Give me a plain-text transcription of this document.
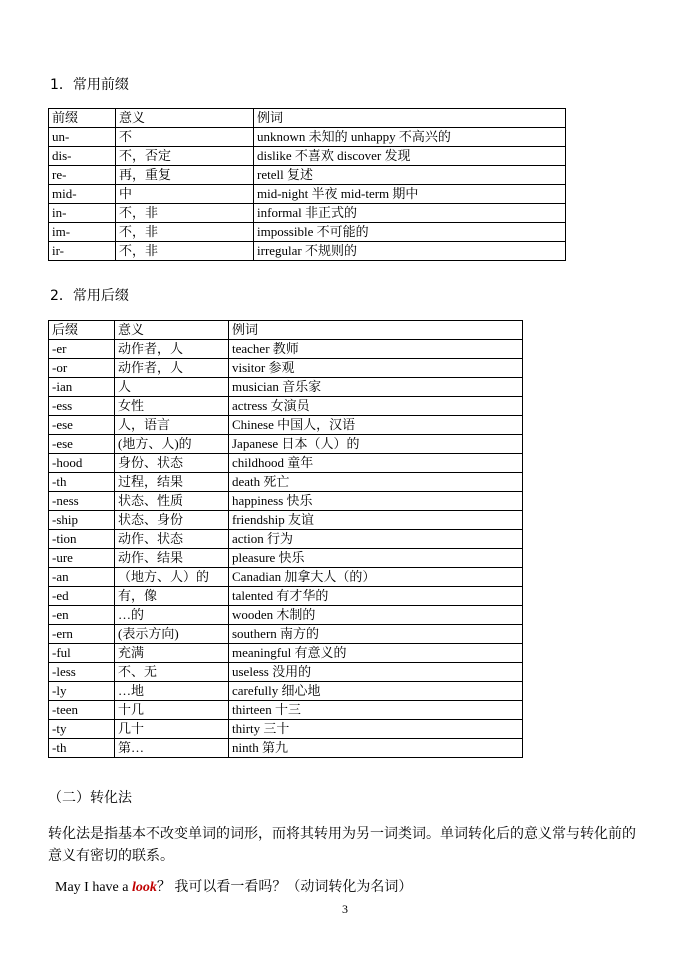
1．常用前缀
前缀	意义	例词
un-	不	unknown 未知的 unhappy 不高兴的
dis-	不，否定	dislike 不喜欢 discover 发现
re-	再，重复	retell 复述
mid-	中	mid-night 半夜 mid-term 期中
in-	不，非	informal 非正式的
im-	不，非	impossible 不可能的
ir-	不，非	irregular 不规则的
2．常用后缀
后缀	意义	例词
-er	动作者，人	teacher 教师
-or	动作者，人	visitor 参观
-ian	人	musician 音乐家
-ess	女性	actress 女演员
-ese	人，语言	Chinese 中国人，汉语
-ese	(地方、人)的	Japanese 日本（人）的
-hood	身份、状态	childhood 童年
-th	过程，结果	death 死亡
-ness	状态、性质	happiness 快乐
-ship	状态、身份	friendship 友谊
-tion	动作、状态	action 行为
-ure	动作、结果	pleasure 快乐
-an	（地方、人）的	Canadian 加拿大人（的）
-ed	有，像	talented 有才华的
-en	…的	wooden 木制的
-ern	(表示方向)	southern 南方的
-ful	充满	meaningful 有意义的
-less	不、无	useless 没用的
-ly	…地	carefully 细心地
-teen	十几	thirteen 十三
-ty	几十	thirty 三十
-th	第…	ninth 第九
（二）转化法
转化法是指基本不改变单词的词形，而将其转用为另一词类词。单词转化后的意义常与转化前的意义有密切的联系。
May I have a look？ 我可以看一看吗？（动词转化为名词）
3
